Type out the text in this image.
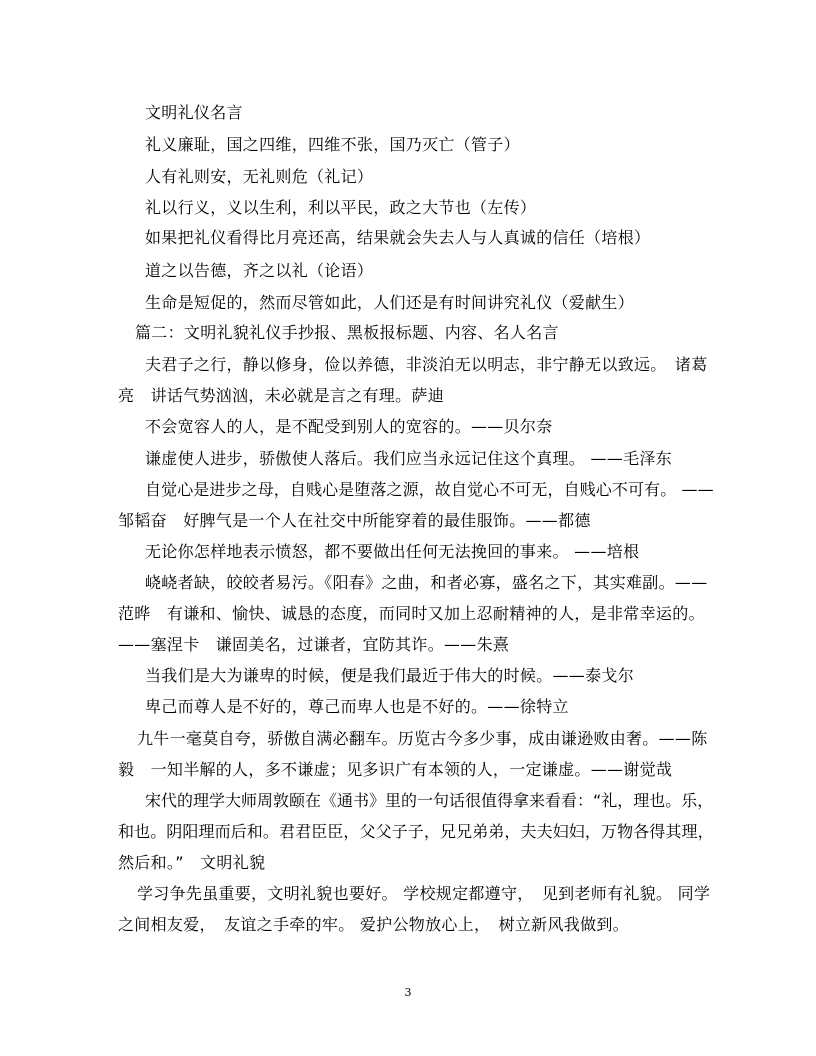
文明礼仪名言
礼义廉耻，国之四维，四维不张，国乃灭亡（管子）
人有礼则安，无礼则危（礼记）
礼以行义，义以生利，利以平民，政之大节也（左传）
如果把礼仪看得比月亮还高，结果就会失去人与人真诚的信任（培根）
道之以告德，齐之以礼（论语）
生命是短促的，然而尽管如此，人们还是有时间讲究礼仪（爱献生）
篇二：文明礼貌礼仪手抄报、黑板报标题、内容、名人名言
夫君子之行，静以修身，俭以养德，非淡泊无以明志，非宁静无以致远。　诸葛
亮　讲话气势汹汹，未必就是言之有理。萨迪
不会宽容人的人，是不配受到别人的宽容的。——贝尔奈
谦虚使人进步，骄傲使人落后。我们应当永远记住这个真理。 ——毛泽东
自觉心是进步之母，自贱心是堕落之源，故自觉心不可无，自贱心不可有。 ——
邹韬奋　好脾气是一个人在社交中所能穿着的最佳服饰。——都德
无论你怎样地表示愤怒，都不要做出任何无法挽回的事来。 ——培根
峣峣者缺，皎皎者易污。《阳春》之曲，和者必寡，盛名之下，其实难副。——
范晔　有谦和、愉快、诚恳的态度，而同时又加上忍耐精神的人，是非常幸运的。
——塞涅卡　谦固美名，过谦者，宜防其诈。——朱熹
当我们是大为谦卑的时候，便是我们最近于伟大的时候。——泰戈尔
卑己而尊人是不好的，尊己而卑人也是不好的。——徐特立
九牛一毫莫自夸，骄傲自满必翻车。历览古今多少事，成由谦逊败由奢。——陈
毅　一知半解的人，多不谦虚；见多识广有本领的人，一定谦虚。——谢觉哉
宋代的理学大师周敦颐在《通书》里的一句话很值得拿来看看：“礼，理也。乐，
和也。阴阳理而后和。君君臣臣，父父子子，兄兄弟弟，夫夫妇妇，万物各得其理，
然后和。”　文明礼貌
学习争先虽重要，文明礼貌也要好。 学校规定都遵守，　见到老师有礼貌。 同学
之间相友爱，　友谊之手牵的牢。 爱护公物放心上，　树立新风我做到。
3
